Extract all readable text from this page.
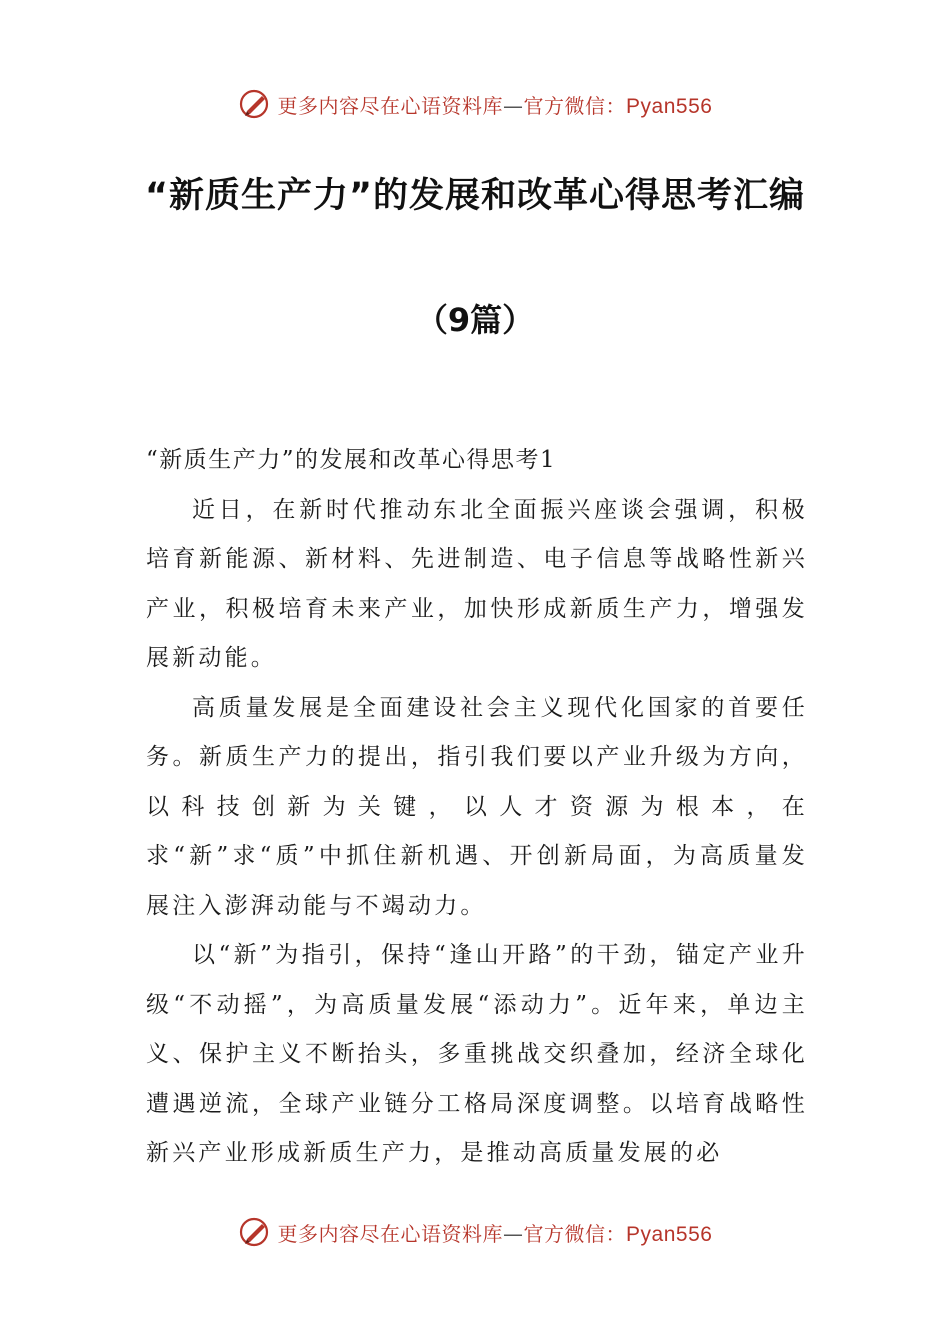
更多内容尽在心语资料库—官方微信：Pyan556
“新质生产力”的发展和改革心得思考汇编
（9篇）

“新质生产力”的发展和改革心得思考1

近日，在新时代推动东北全面振兴座谈会强调，积极培育新能源、新材料、先进制造、电子信息等战略性新兴产业，积极培育未来产业，加快形成新质生产力，增强发展新动能。

高质量发展是全面建设社会主义现代化国家的首要任务。新质生产力的提出，指引我们要以产业升级为方向，以科技创新为关键，以人才资源为根本，在求“新”求“质”中抓住新机遇、开创新局面，为高质量发展注入澎湃动能与不竭动力。

以“新”为指引，保持“逢山开路”的干劲，锚定产业升级“不动摇”，为高质量发展“添动力”。近年来，单边主义、保护主义不断抬头，多重挑战交织叠加，经济全球化遭遇逆流，全球产业链分工格局深度调整。以培育战略性新兴产业形成新质生产力，是推动高质量发展的必

更多内容尽在心语资料库—官方微信：Pyan556
